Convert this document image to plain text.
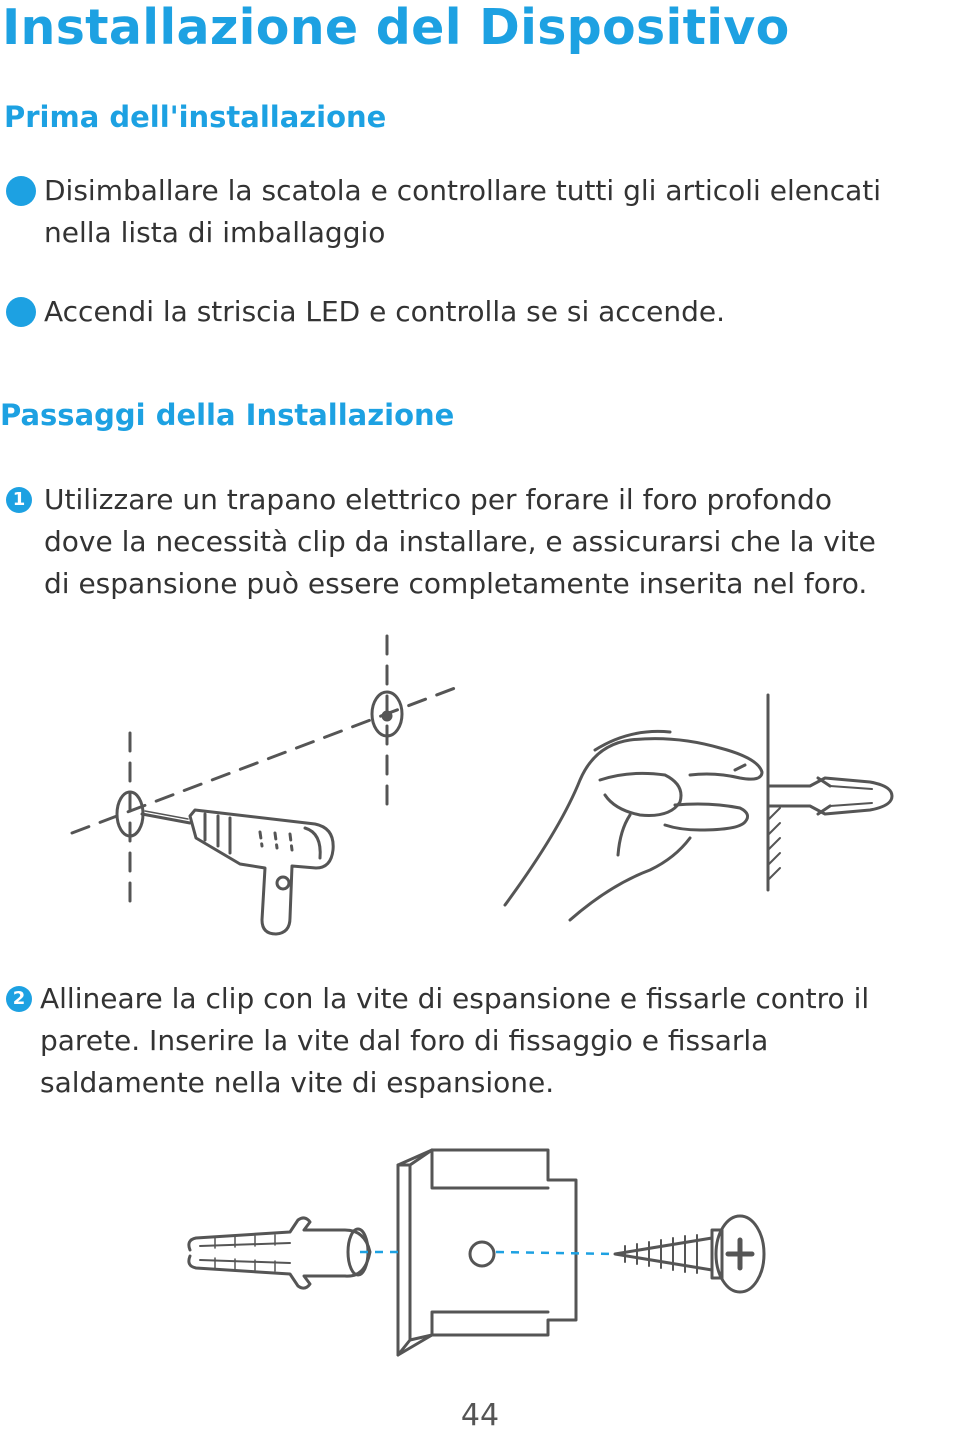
Installazione del Dispositivo
Prima dell'installazione
Disimballare la scatola e controllare tutti gli articoli elencati
nella lista di imballaggio
Accendi la striscia LED e controlla se si accende.
Passaggi della Installazione
1 Utilizzare un trapano elettrico per forare il foro profondo
dove la necessità clip da installare, e assicurarsi che la vite
di espansione può essere completamente inserita nel foro.
2 Allineare la clip con la vite di espansione e fissarle contro il
parete. Inserire la vite dal foro di fissaggio e fissarla
saldamente nella vite di espansione.
44
